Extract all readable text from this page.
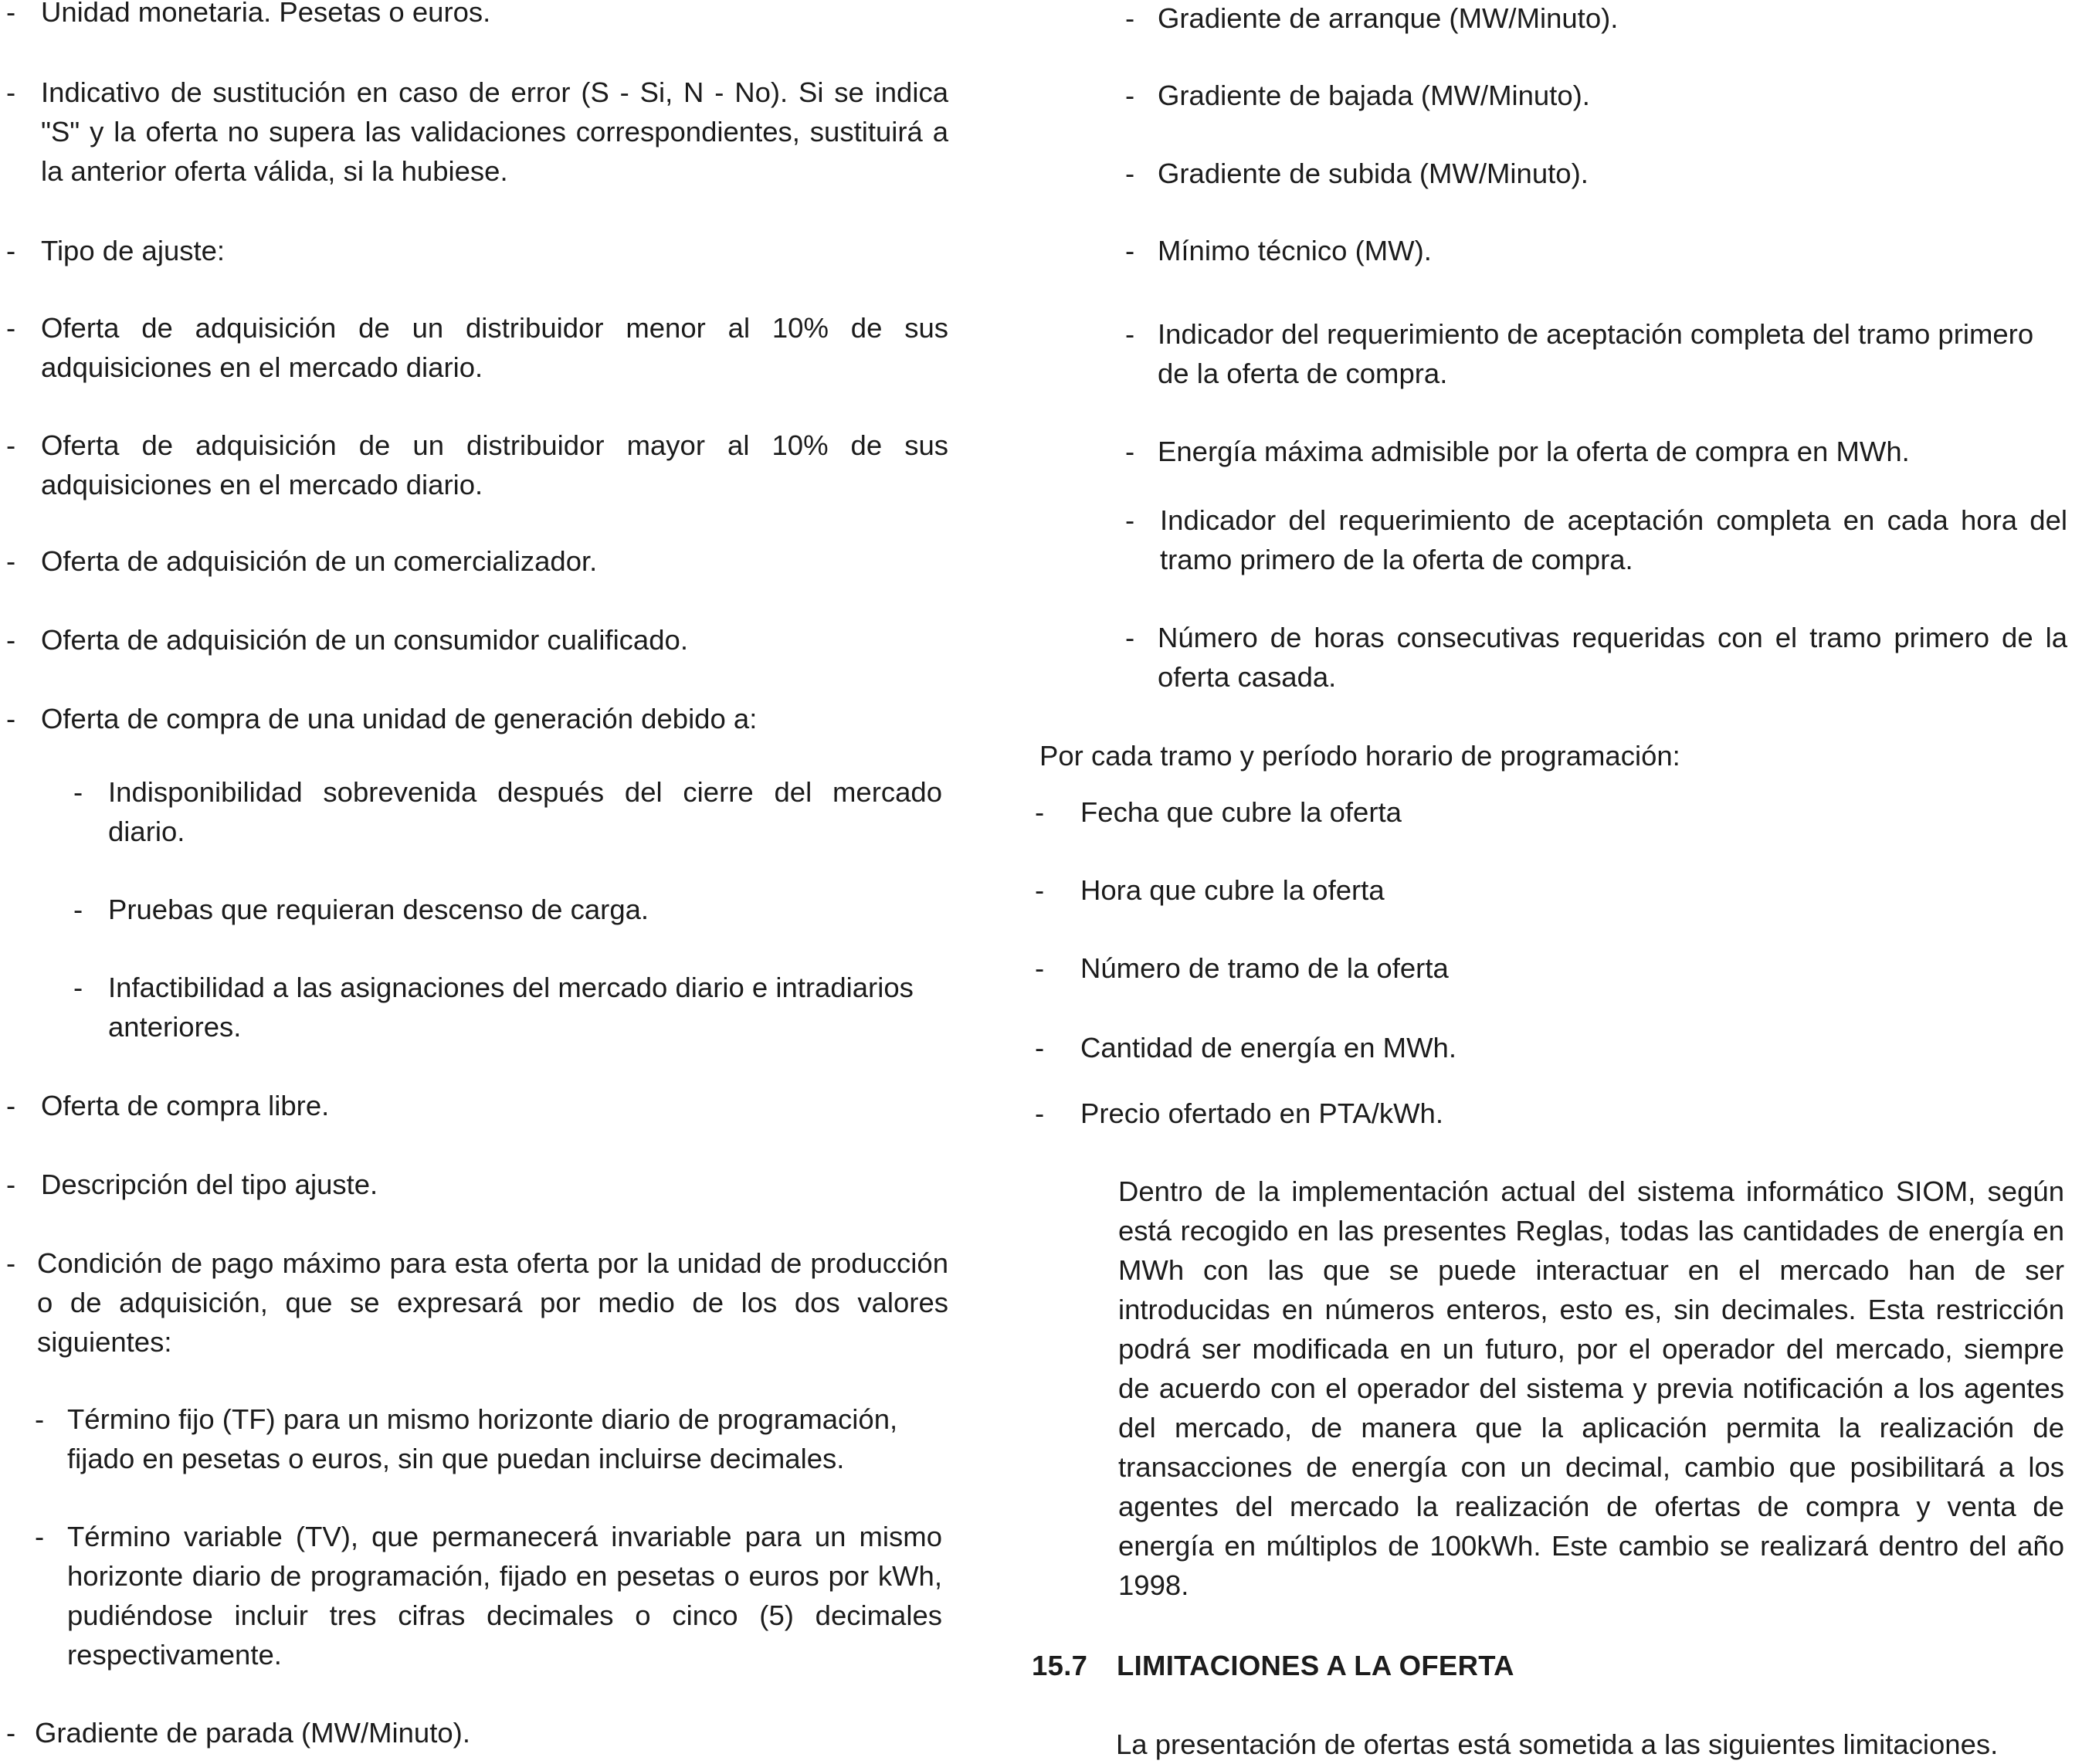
- Unidad monetaria. Pesetas o euros.
- Indicativo de sustitución en caso de error (S - Si, N - No). Si se indica "S" y la oferta no supera las validaciones correspondientes, sustituirá a la anterior oferta válida, si la hubiese.
- Tipo de ajuste:
- Oferta de adquisición de un distribuidor menor al 10% de sus adquisiciones en el mercado diario.
- Oferta de adquisición de un distribuidor mayor al 10% de sus adquisiciones en el mercado diario.
- Oferta de adquisición de un comercializador.
- Oferta de adquisición de un consumidor cualificado.
- Oferta de compra de una unidad de generación debido a:
- Indisponibilidad sobrevenida después del cierre del mercado diario.
- Pruebas que requieran descenso de carga.
- Infactibilidad a las asignaciones del mercado diario e intradiarios anteriores.
- Oferta de compra libre.
- Descripción del tipo ajuste.
- Condición de pago máximo para esta oferta por la unidad de producción o de adquisición, que se expresará por medio de los dos valores siguientes:
- Término fijo (TF) para un mismo horizonte diario de programación, fijado en pesetas o euros, sin que puedan incluirse decimales.
- Término variable (TV), que permanecerá invariable para un mismo horizonte diario de programación, fijado en pesetas o euros por kWh, pudiéndose incluir tres cifras decimales o cinco (5) decimales respectivamente.
- Gradiente de parada (MW/Minuto).
- Gradiente de arranque (MW/Minuto).
- Gradiente de bajada (MW/Minuto).
- Gradiente de subida (MW/Minuto).
- Mínimo técnico (MW).
- Indicador del requerimiento de aceptación completa del tramo primero de la oferta de compra.
- Energía máxima admisible por la oferta de compra en MWh.
- Indicador del requerimiento de aceptación completa en cada hora del tramo primero de la oferta de compra.
- Número de horas consecutivas requeridas con el tramo primero de la oferta casada.
Por cada tramo y período horario de programación:
- Fecha que cubre la oferta
- Hora que cubre la oferta
- Número de tramo de la oferta
- Cantidad de energía en MWh.
- Precio ofertado en PTA/kWh.
Dentro de la implementación actual del sistema informático SIOM, según está recogido en las presentes Reglas, todas las cantidades de energía en MWh con las que se puede interactuar en el mercado han de ser introducidas en números enteros, esto es, sin decimales. Esta restricción podrá ser modificada en un futuro, por el operador del mercado, siempre de acuerdo con el operador del sistema y previa notificación a los agentes del mercado, de manera que la aplicación permita la realización de transacciones de energía con un decimal, cambio que posibilitará a los agentes del mercado la realización de ofertas de compra y venta de energía en múltiplos de 100kWh. Este cambio se realizará dentro del año 1998.
15.7 LIMITACIONES A LA OFERTA
La presentación de ofertas está sometida a las siguientes limitaciones.
